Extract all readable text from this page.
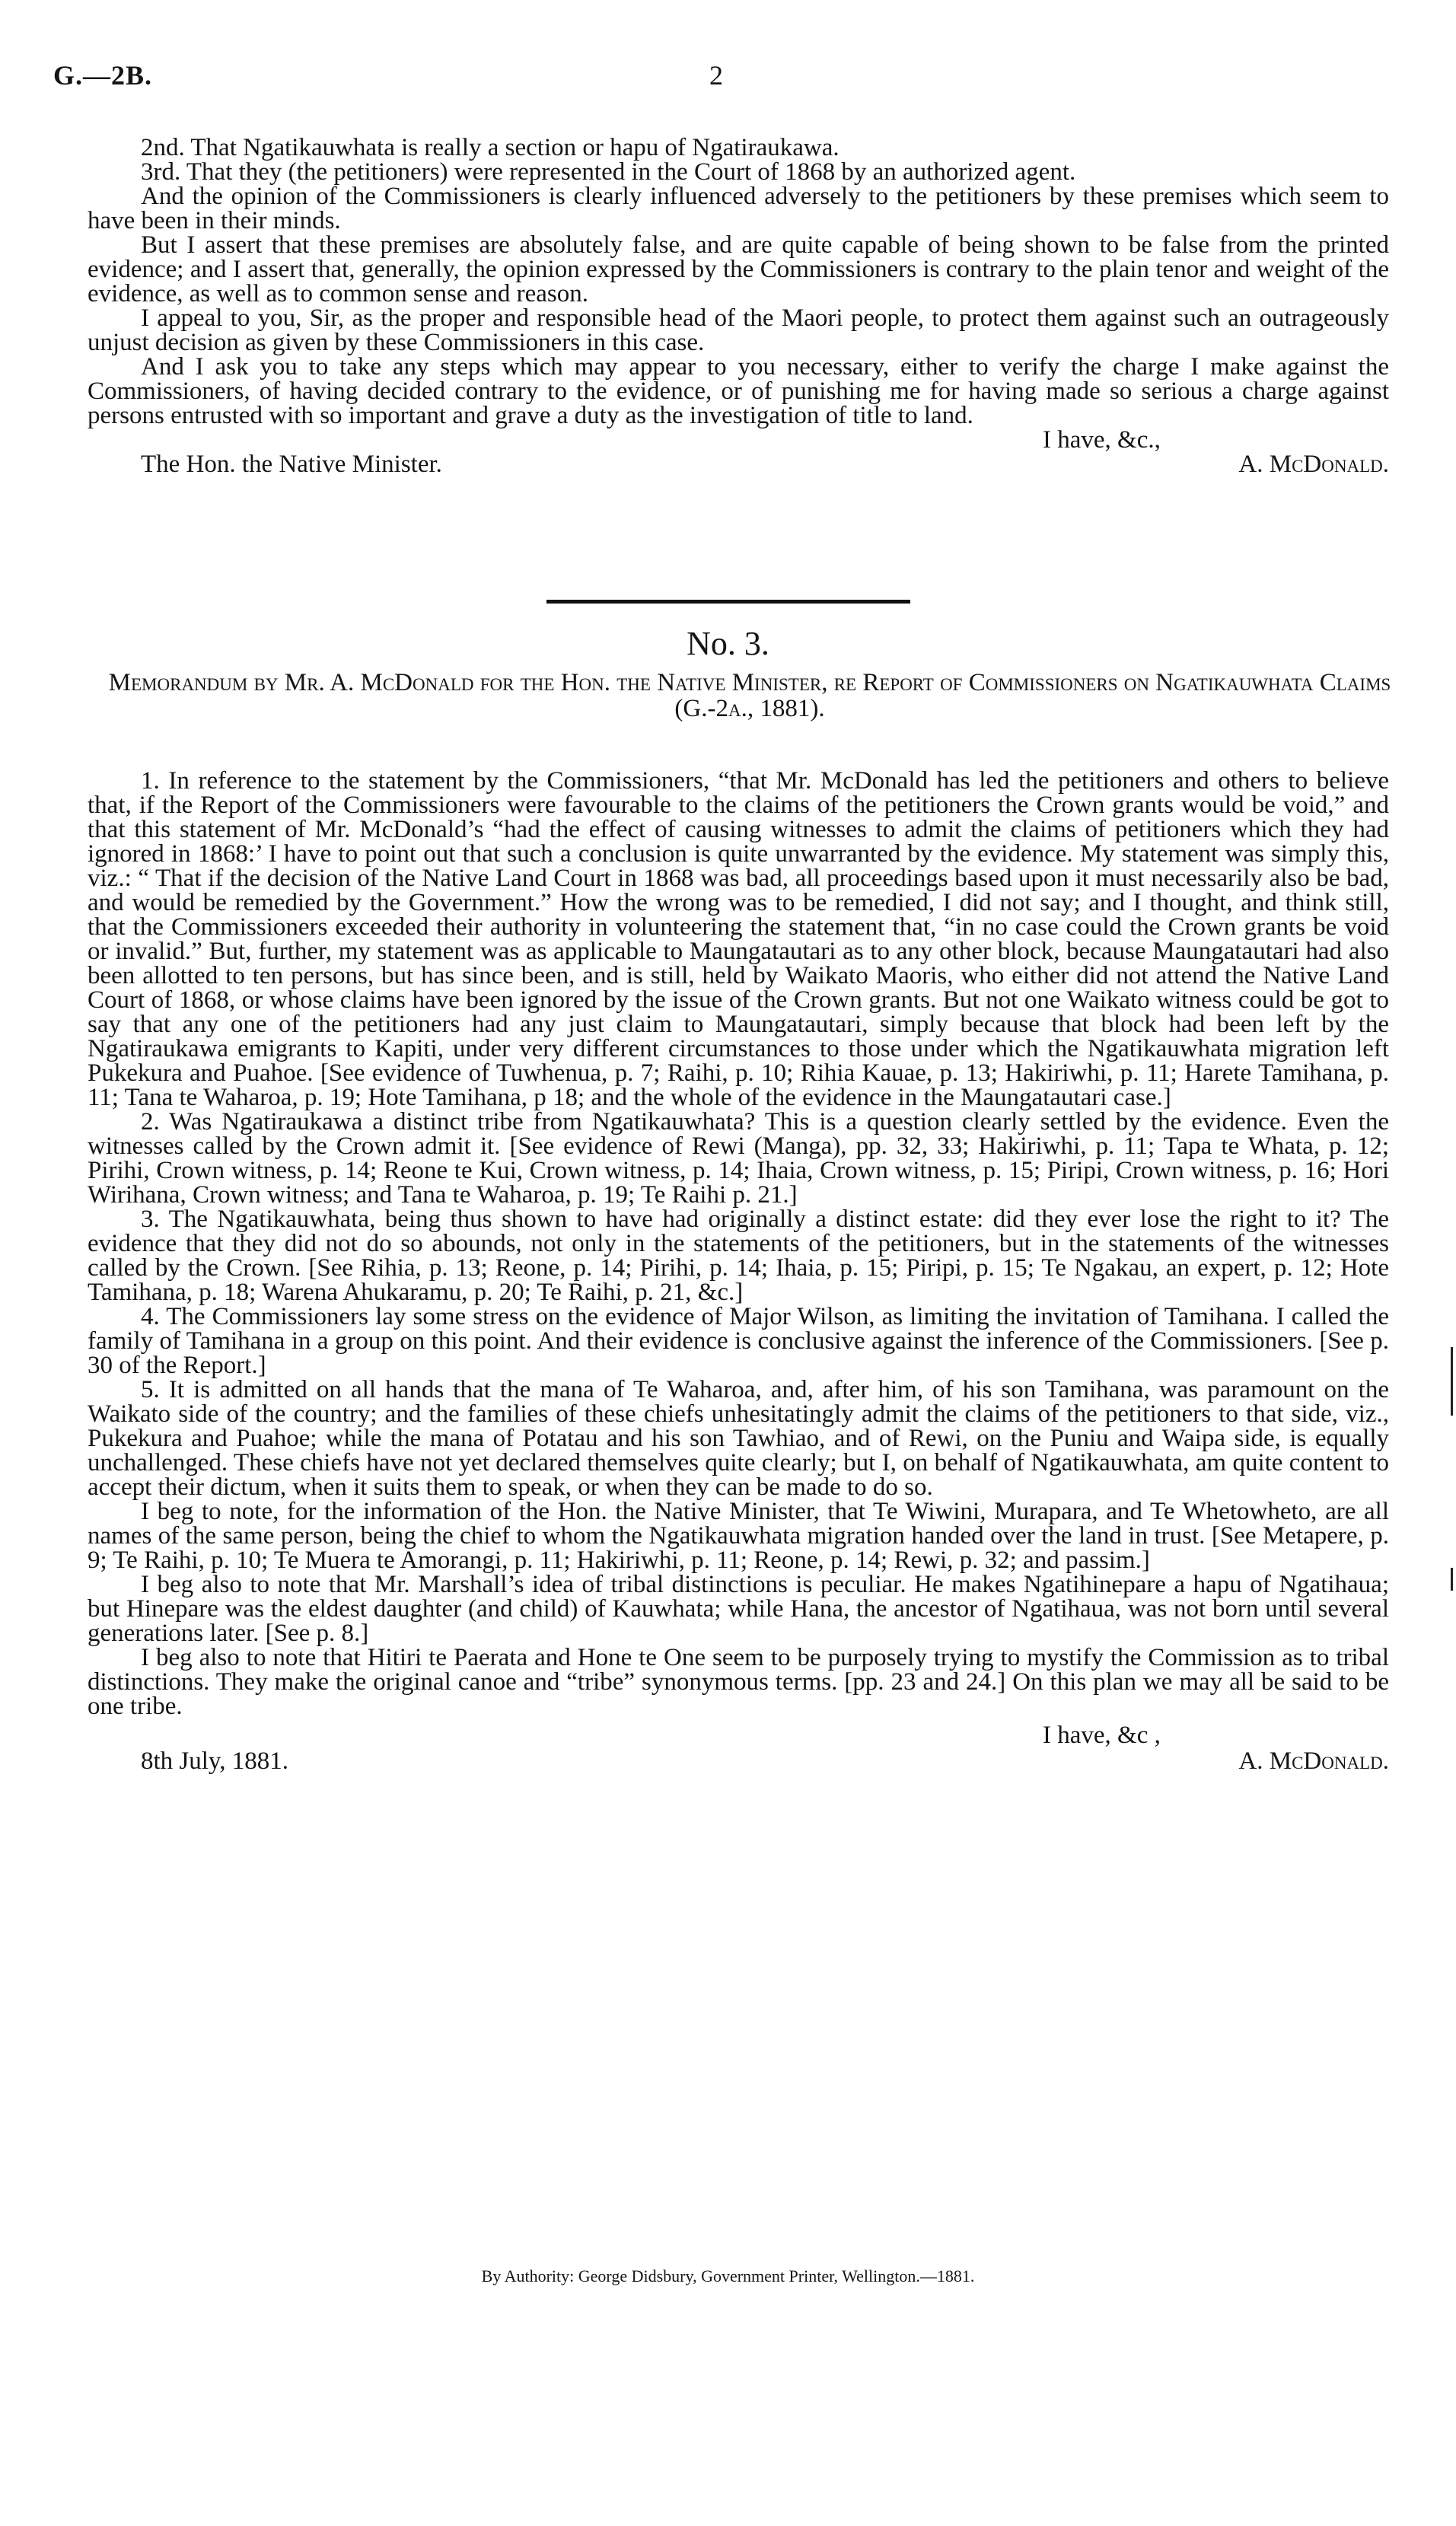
G.—2B.	2

2nd. That Ngatikauwhata is really a section or hapu of Ngatiraukawa.

3rd. That they (the petitioners) were represented in the Court of 1868 by an authorized agent.

And the opinion of the Commissioners is clearly influenced adversely to the petitioners by these premises which seem to have been in their minds.

But I assert that these premises are absolutely false, and are quite capable of being shown to be false from the printed evidence; and I assert that, generally, the opinion expressed by the Commissioners is contrary to the plain tenor and weight of the evidence, as well as to common sense and reason.

I appeal to you, Sir, as the proper and responsible head of the Maori people, to protect them against such an outrageously unjust decision as given by these Commissioners in this case.

And I ask you to take any steps which may appear to you necessary, either to verify the charge I make against the Commissioners, of having decided contrary to the evidence, or of punishing me for having made so serious a charge against persons entrusted with so important and grave a duty as the investigation of title to land.

I have, &c.,
The Hon. the Native Minister.	A. McDonald.
No. 3.
Memorandum by Mr. A. McDonald for the Hon. the Native Minister, re Report of Commissioners on Ngatikauwhata Claims (G.-2a., 1881).

1. In reference to the statement by the Commissioners, “that Mr. McDonald has led the petitioners and others to believe that, if the Report of the Commissioners were favourable to the claims of the petitioners the Crown grants would be void,” and that this statement of Mr. McDonald’s “had the effect of causing witnesses to admit the claims of petitioners which they had ignored in 1868:’ I have to point out that such a conclusion is quite unwarranted by the evidence. My statement was simply this, viz.: “ That if the decision of the Native Land Court in 1868 was bad, all proceedings based upon it must necessarily also be bad, and would be remedied by the Government.” How the wrong was to be remedied, I did not say; and I thought, and think still, that the Commissioners exceeded their authority in volunteering the statement that, “in no case could the Crown grants be void or invalid.” But, further, my statement was as applicable to Maungatautari as to any other block, because Maungatautari had also been allotted to ten persons, but has since been, and is still, held by Waikato Maoris, who either did not attend the Native Land Court of 1868, or whose claims have been ignored by the issue of the Crown grants. But not one Waikato witness could be got to say that any one of the petitioners had any just claim to Maungatautari, simply because that block had been left by the Ngatiraukawa emigrants to Kapiti, under very different circumstances to those under which the Ngatikauwhata migration left Pukekura and Puahoe. [See evidence of Tuwhenua, p. 7; Raihi, p. 10; Rihia Kauae, p. 13; Hakiriwhi, p. 11; Harete Tamihana, p. 11; Tana te Waharoa, p. 19; Hote Tamihana, p 18; and the whole of the evidence in the Maungatautari case.]

2. Was Ngatiraukawa a distinct tribe from Ngatikauwhata? This is a question clearly settled by the evidence. Even the witnesses called by the Crown admit it. [See evidence of Rewi (Manga), pp. 32, 33; Hakiriwhi, p. 11; Tapa te Whata, p. 12; Pirihi, Crown witness, p. 14; Reone te Kui, Crown witness, p. 14; Ihaia, Crown witness, p. 15; Piripi, Crown witness, p. 16; Hori Wirihana, Crown witness; and Tana te Waharoa, p. 19; Te Raihi p. 21.]

3. The Ngatikauwhata, being thus shown to have had originally a distinct estate: did they ever lose the right to it? The evidence that they did not do so abounds, not only in the statements of the petitioners, but in the statements of the witnesses called by the Crown. [See Rihia, p. 13; Reone, p. 14; Pirihi, p. 14; Ihaia, p. 15; Piripi, p. 15; Te Ngakau, an expert, p. 12; Hote Tamihana, p. 18; Warena Ahukaramu, p. 20; Te Raihi, p. 21, &c.]

4. The Commissioners lay some stress on the evidence of Major Wilson, as limiting the invitation of Tamihana. I called the family of Tamihana in a group on this point. And their evidence is conclusive against the inference of the Commissioners. [See p. 30 of the Report.]

5. It is admitted on all hands that the mana of Te Waharoa, and, after him, of his son Tamihana, was paramount on the Waikato side of the country; and the families of these chiefs unhesitatingly admit the claims of the petitioners to that side, viz., Pukekura and Puahoe; while the mana of Potatau and his son Tawhiao, and of Rewi, on the Puniu and Waipa side, is equally unchallenged. These chiefs have not yet declared themselves quite clearly; but I, on behalf of Ngatikauwhata, am quite content to accept their dictum, when it suits them to speak, or when they can be made to do so.

I beg to note, for the information of the Hon. the Native Minister, that Te Wiwini, Murapara, and Te Whetowheto, are all names of the same person, being the chief to whom the Ngatikauwhata migration handed over the land in trust. [See Metapere, p. 9; Te Raihi, p. 10; Te Muera te Amorangi, p. 11; Hakiriwhi, p. 11; Reone, p. 14; Rewi, p. 32; and passim.]

I beg also to note that Mr. Marshall’s idea of tribal distinctions is peculiar. He makes Ngatihinepare a hapu of Ngatihaua; but Hinepare was the eldest daughter (and child) of Kauwhata; while Hana, the ancestor of Ngatihaua, was not born until several generations later. [See p. 8.]

I beg also to note that Hitiri te Paerata and Hone te One seem to be purposely trying to mystify the Commission as to tribal distinctions. They make the original canoe and “tribe” synonymous terms. [pp. 23 and 24.] On this plan we may all be said to be one tribe.

I have, &c ,
8th July, 1881.	A. McDonald.
By Authority: George Didsbury, Government Printer, Wellington.—1881.
